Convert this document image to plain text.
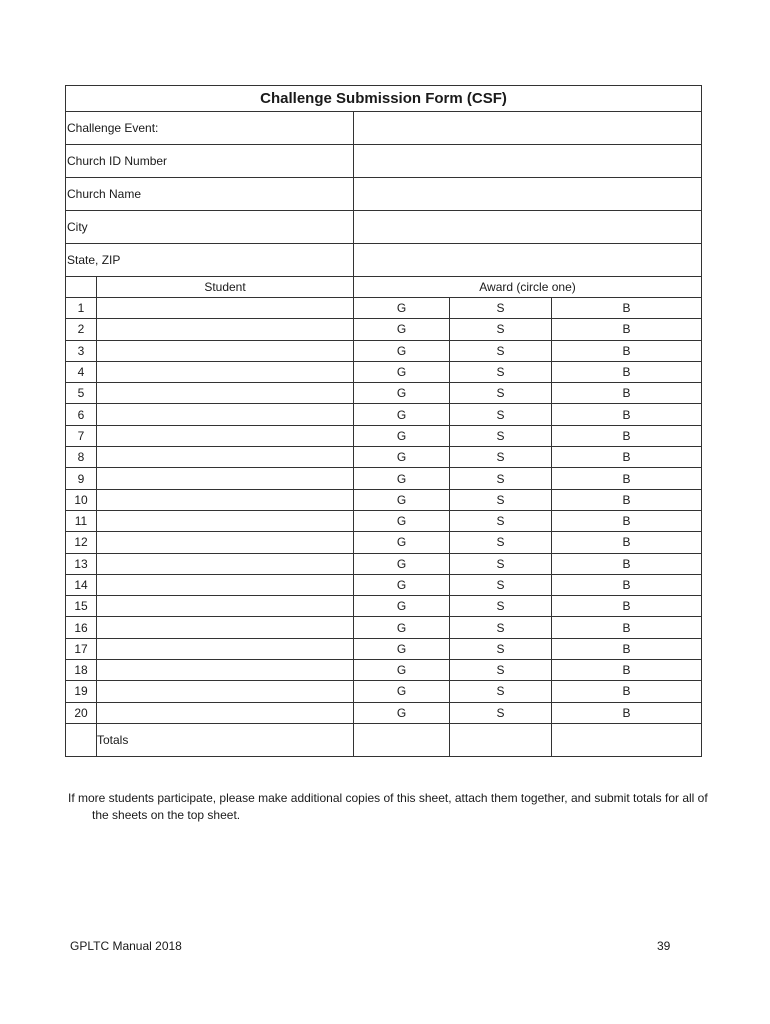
Challenge Submission Form (CSF)				
Challenge Event:				
Church ID Number				
Church Name				
City				
State, ZIP				
	Student	Award (circle one)		
1		G	S	B
2		G	S	B
3		G	S	B
4		G	S	B
5		G	S	B
6		G	S	B
7		G	S	B
8		G	S	B
9		G	S	B
10		G	S	B
11		G	S	B
12		G	S	B
13		G	S	B
14		G	S	B
15		G	S	B
16		G	S	B
17		G	S	B
18		G	S	B
19		G	S	B
20		G	S	B
	Totals			
If more students participate, please make additional copies of this sheet, attach them together, and submit totals for all of the sheets on the top sheet.
GPLTC Manual 2018	39
